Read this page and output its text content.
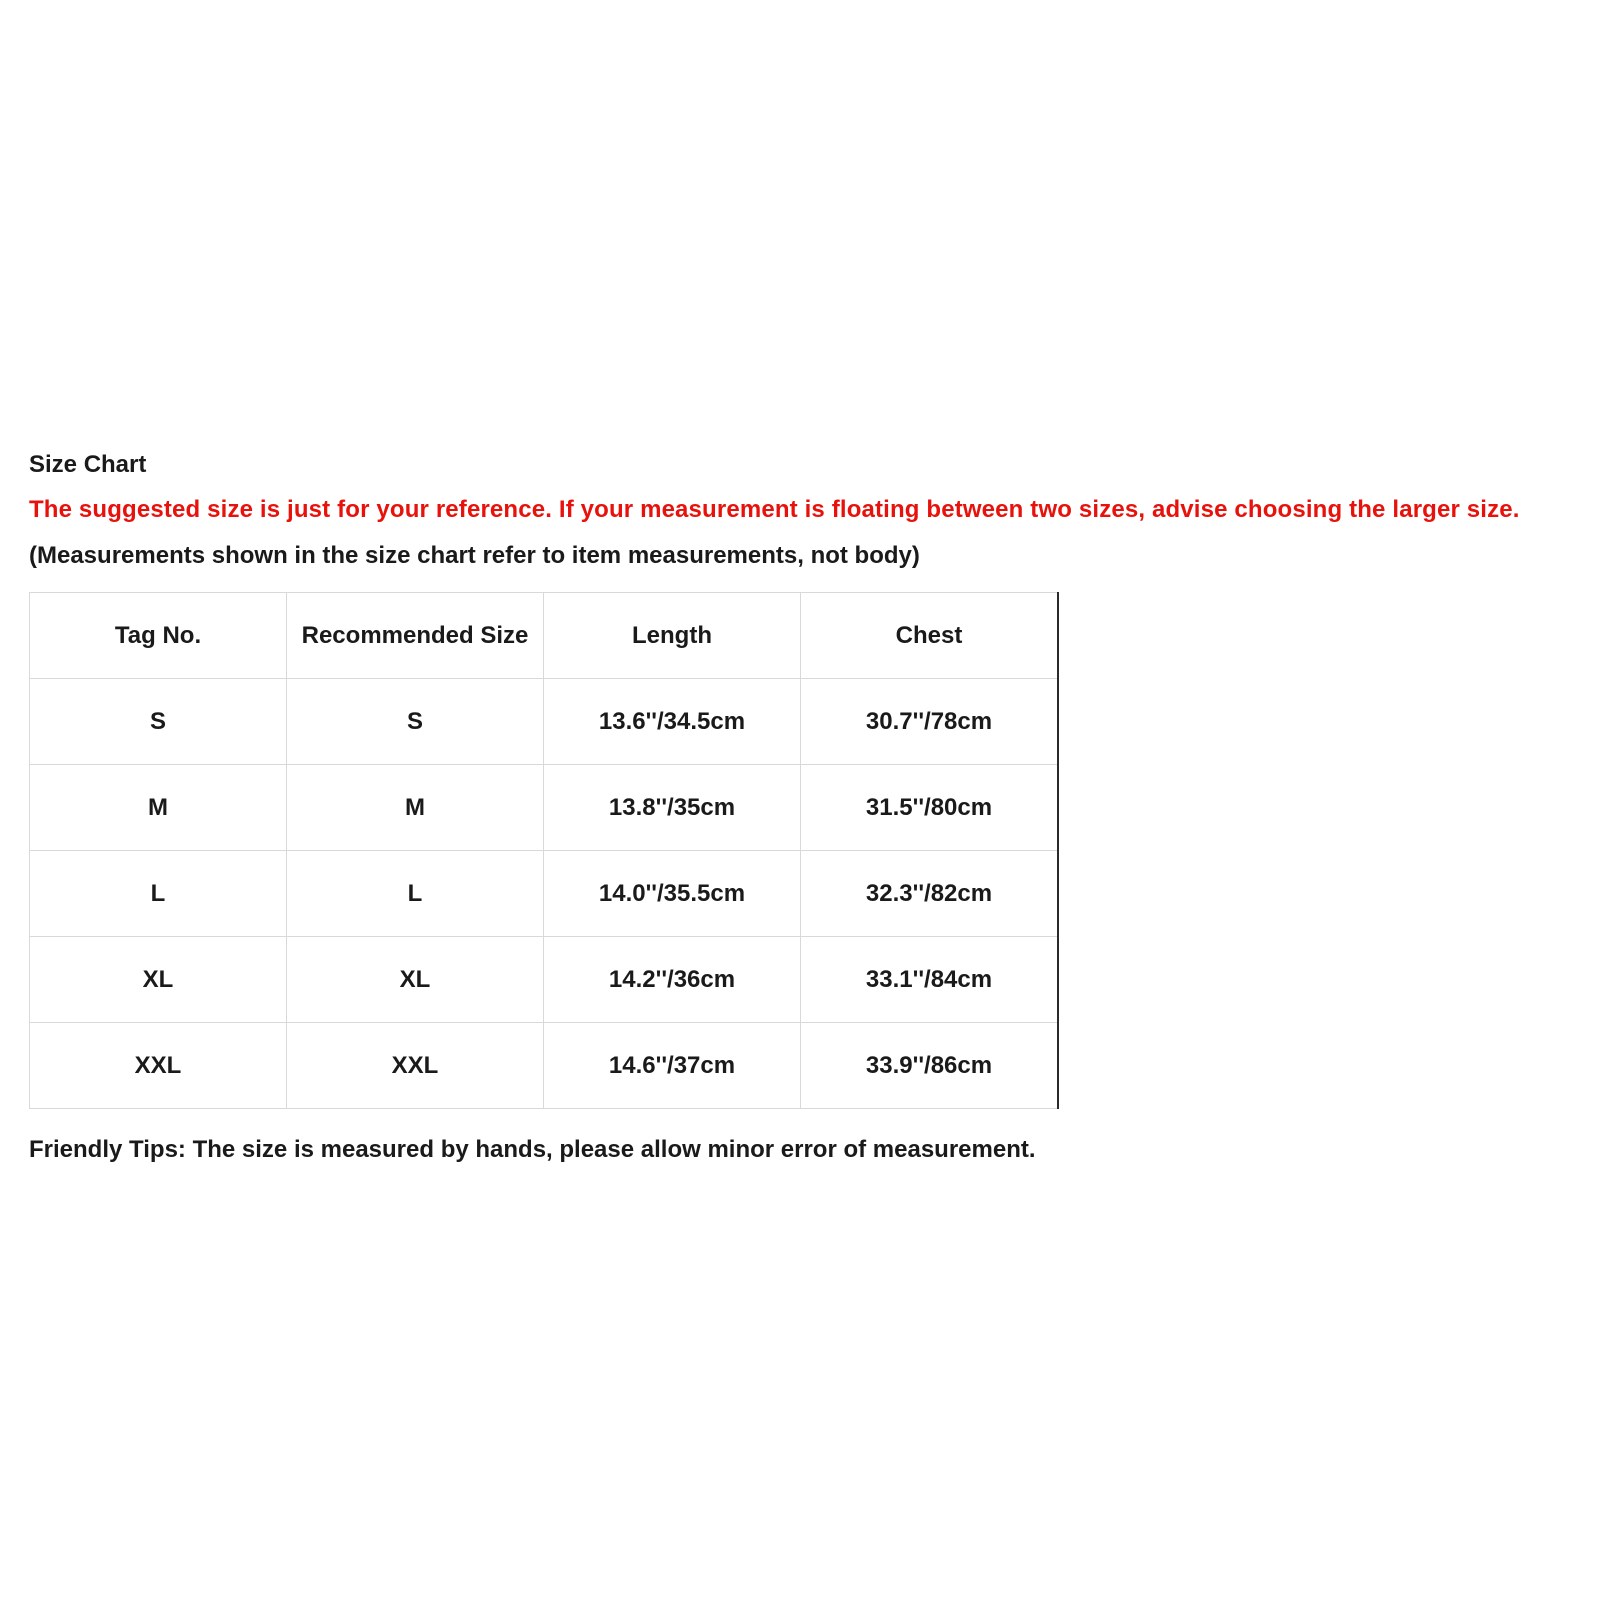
Size Chart
The suggested size is just for your reference. If your measurement is floating between two sizes, advise choosing the larger size.
(Measurements shown in the size chart refer to item measurements, not body)
Tag No.	Recommended Size	Length	Chest
S	S	13.6''/34.5cm	30.7''/78cm
M	M	13.8''/35cm	31.5''/80cm
L	L	14.0''/35.5cm	32.3''/82cm
XL	XL	14.2''/36cm	33.1''/84cm
XXL	XXL	14.6''/37cm	33.9''/86cm
Friendly Tips: The size is measured by hands, please allow minor error of measurement.
